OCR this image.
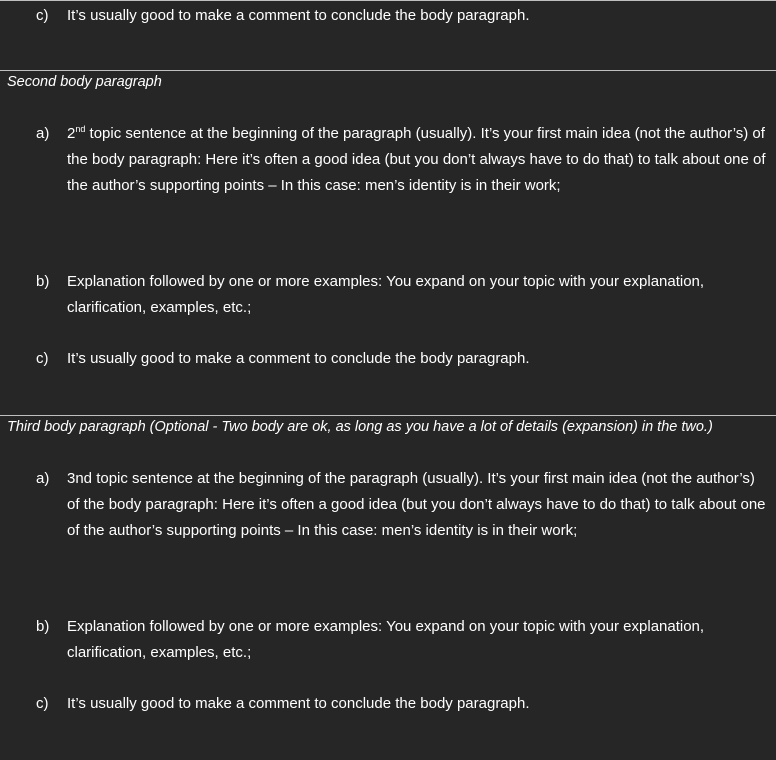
c) It’s usually good to make a comment to conclude the body paragraph.
Second body paragraph
a) 2nd topic sentence at the beginning of the paragraph (usually). It’s your first main idea (not the author’s) of the body paragraph: Here it’s often a good idea (but you don’t always have to do that) to talk about one of the author’s supporting points – In this case: men’s identity is in their work;
b) Explanation followed by one or more examples: You expand on your topic with your explanation, clarification, examples, etc.;
c) It’s usually good to make a comment to conclude the body paragraph.
Third body paragraph (Optional - Two body are ok, as long as you have a lot of details (expansion) in the two.)
a) 3nd topic sentence at the beginning of the paragraph (usually). It’s your first main idea (not the author’s) of the body paragraph: Here it’s often a good idea (but you don’t always have to do that) to talk about one of the author’s supporting points – In this case: men’s identity is in their work;
b) Explanation followed by one or more examples: You expand on your topic with your explanation, clarification, examples, etc.;
c) It’s usually good to make a comment to conclude the body paragraph.
